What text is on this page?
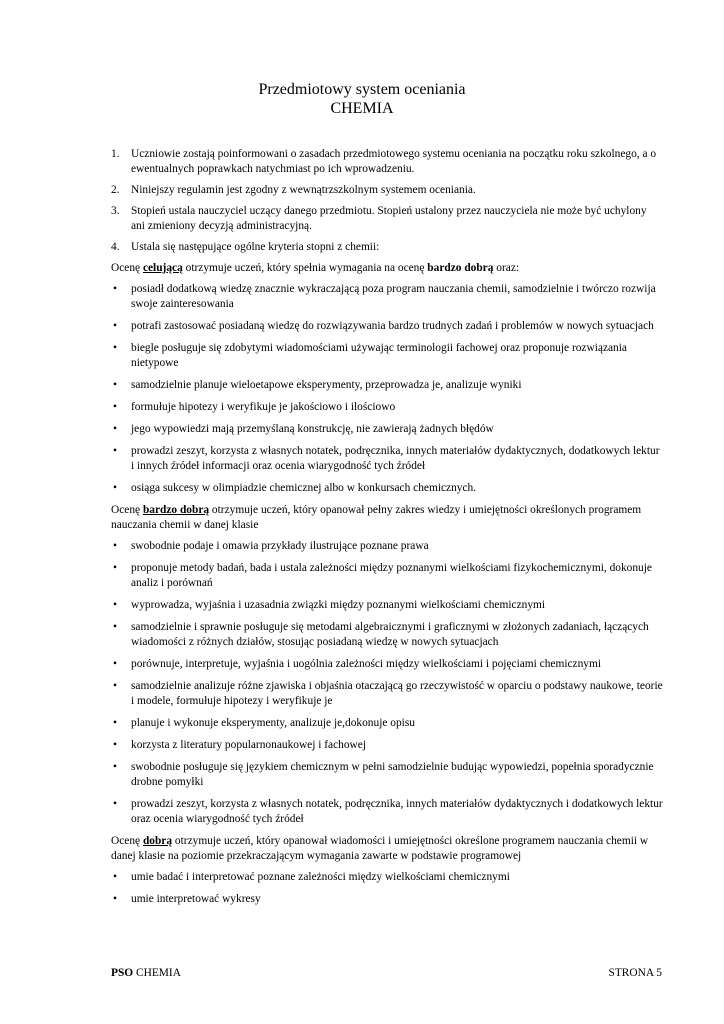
Przedmiotowy system oceniania
CHEMIA
1. Uczniowie zostają poinformowani o zasadach przedmiotowego systemu oceniania na początku roku szkolnego, a o ewentualnych poprawkach natychmiast po ich wprowadzeniu.
2. Niniejszy regulamin jest zgodny z wewnątrzszkolnym systemem oceniania.
3. Stopień ustala nauczyciel uczący danego przedmiotu. Stopień ustalony przez nauczyciela nie może być uchylony ani zmieniony decyzją administracyjną.
4. Ustala się następujące ogólne kryteria stopni z chemii:

Ocenę celującą otrzymuje uczeń, który spełnia wymagania na ocenę bardzo dobrą oraz:

• posiadł dodatkową wiedzę znacznie wykraczającą poza program nauczania chemii, samodzielnie i twórczo rozwija swoje zainteresowania
• potrafi zastosować posiadaną wiedzę do rozwiązywania bardzo trudnych zadań i problemów w nowych sytuacjach
• biegle posługuje się zdobytymi wiadomościami używając terminologii fachowej oraz proponuje rozwiązania nietypowe
• samodzielnie planuje wieloetapowe eksperymenty, przeprowadza je, analizuje wyniki
• formułuje hipotezy i weryfikuje je jakościowo i ilościowo
• jego wypowiedzi mają przemyślaną konstrukcję, nie zawierają żadnych błędów
• prowadzi zeszyt, korzysta z własnych notatek, podręcznika, innych materiałów dydaktycznych, dodatkowych lektur i innych źródeł informacji oraz ocenia wiarygodność tych źródeł
• osiąga sukcesy w olimpiadzie chemicznej albo w konkursach chemicznych.

Ocenę bardzo dobrą otrzymuje uczeń, który opanował pełny zakres wiedzy i umiejętności określonych programem nauczania chemii w danej klasie

• swobodnie podaje i omawia przykłady ilustrujące poznane prawa
• proponuje metody badań, bada i ustala zależności między poznanymi wielkościami fizykochemicznymi, dokonuje analiz i porównań
• wyprowadza, wyjaśnia i uzasadnia związki między poznanymi wielkościami chemicznymi
• samodzielnie i sprawnie posługuje się metodami algebraicznymi i graficznymi w złożonych zadaniach, łączących wiadomości z różnych działów, stosując posiadaną wiedzę w nowych sytuacjach
• porównuje, interpretuje, wyjaśnia i uogólnia zależności między wielkościami i pojęciami chemicznymi
• samodzielnie analizuje różne zjawiska i objaśnia otaczającą go rzeczywistość w oparciu o podstawy naukowe, teorie i modele, formułuje hipotezy i weryfikuje je
• planuje i wykonuje eksperymenty, analizuje je,dokonuje opisu
• korzysta z literatury popularnonaukowej i fachowej
• swobodnie posługuje się językiem chemicznym w pełni samodzielnie budując wypowiedzi, popełnia sporadycznie drobne pomyłki
• prowadzi zeszyt, korzysta z własnych notatek, podręcznika, innych materiałów dydaktycznych i dodatkowych lektur oraz ocenia wiarygodność tych źródeł

Ocenę dobrą otrzymuje uczeń, który opanował wiadomości i umiejętności określone programem nauczania chemii w danej klasie na poziomie przekraczającym wymagania zawarte w podstawie programowej

• umie badać i interpretować poznane zależności między wielkościami chemicznymi
• umie interpretować wykresy
PSO CHEMIA	STRONA 5
